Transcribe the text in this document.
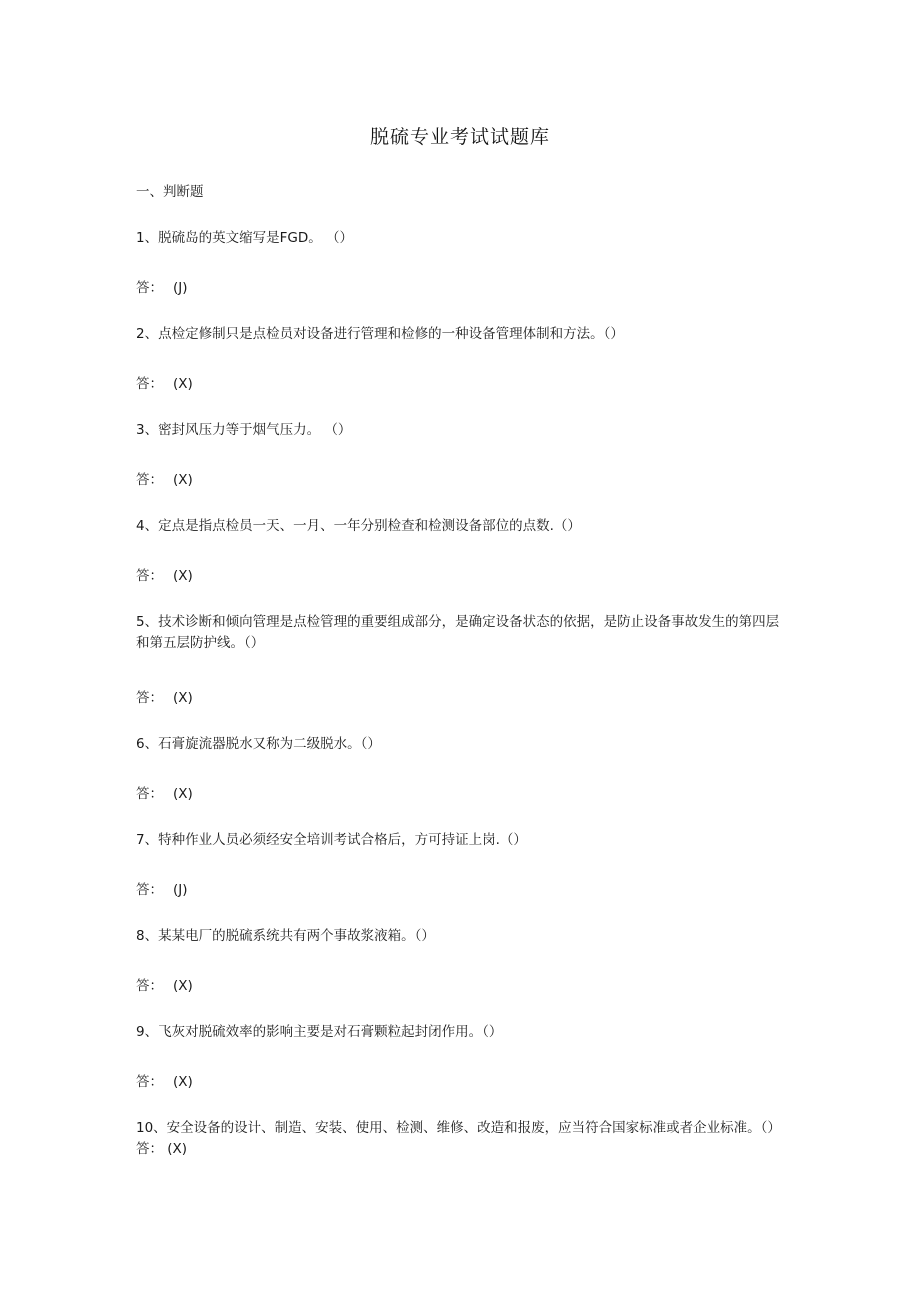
脱硫专业考试试题库
一、判断题
1、脱硫岛的英文缩写是FGD。 （）
答： (J)
2、点检定修制只是点检员对设备进行管理和检修的一种设备管理体制和方法。（）
答： (X)
3、密封风压力等于烟气压力。 （）
答： (X)
4、定点是指点检员一天、一月、一年分别检查和检测设备部位的点数.（）
答： (X)
5、技术诊断和倾向管理是点检管理的重要组成部分，是确定设备状态的依据，是防止设备事故发生的第四层和第五层防护线。（）
答： (X)
6、石膏旋流器脱水又称为二级脱水。（）
答： (X)
7、特种作业人员必须经安全培训考试合格后，方可持证上岗.（）
答： (J)
8、某某电厂的脱硫系统共有两个事故浆液箱。（）
答： (X)
9、飞灰对脱硫效率的影响主要是对石膏颗粒起封闭作用。（）
答： (X)
10、安全设备的设计、制造、安装、使用、检测、维修、改造和报废，应当符合国家标准或者企业标准。（）答： (X)
